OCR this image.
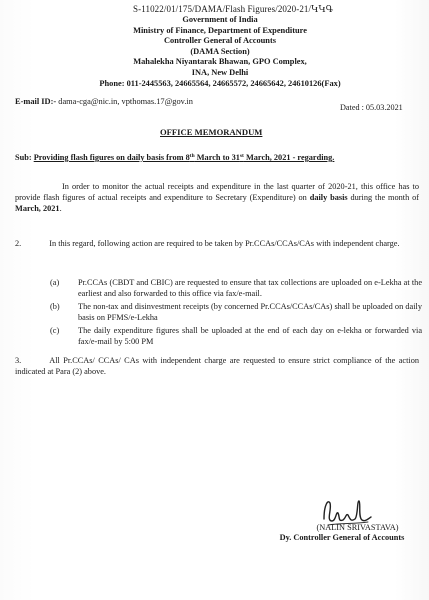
S-11022/01/175/DAMA/Flash Figures/2020-21/ԿԿԳ
Government of India
Ministry of Finance, Department of Expenditure
Controller General of Accounts
(DAMA Section)
Mahalekha Niyantarak Bhawan, GPO Complex,
INA, New Delhi
Phone: 011-2445563, 24665564, 24665572, 24665642, 24610126(Fax)
E-mail ID:- dama-cga@nic.in, vpthomas.17@gov.in
Dated : 05.03.2021
OFFICE MEMORANDUM
Sub: Providing flash figures on daily basis from 8th March to 31st March, 2021 - regarding.
In order to monitor the actual receipts and expenditure in the last quarter of 2020-21, this office has to provide flash figures of actual receipts and expenditure to Secretary (Expenditure) on daily basis during the month of March, 2021.
2.	In this regard, following action are required to be taken by Pr.CCAs/CCAs/CAs with independent charge.
(a)	Pr.CCAs (CBDT and CBIC) are requested to ensure that tax collections are uploaded on e-Lekha at the earliest and also forwarded to this office via fax/e-mail.
(b)	The non-tax and disinvestment receipts (by concerned Pr.CCAs/CCAs/CAs) shall be uploaded on daily basis on PFMS/e-Lekha
(c)	The daily expenditure figures shall be uploaded at the end of each day on e-lekha or forwarded via fax/e-mail by 5:00 PM
3.	All Pr.CCAs/ CCAs/ CAs with independent charge are requested to ensure strict compliance of the action indicated at Para (2) above.
(NALIN SRIVASTAVA)
Dy. Controller General of Accounts
